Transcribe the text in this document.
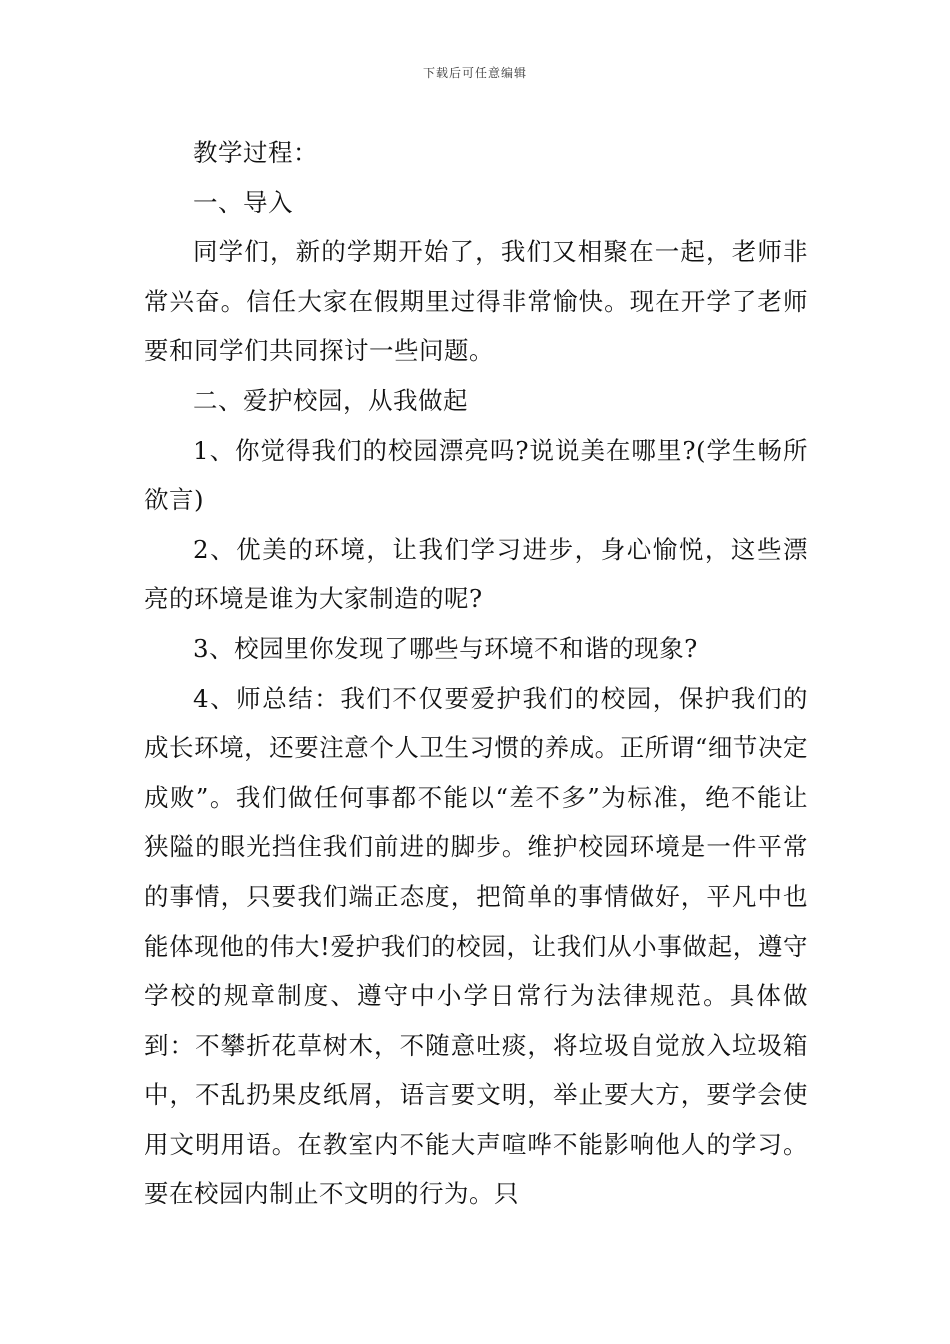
下载后可任意编辑

教学过程：

一、导入

同学们，新的学期开始了，我们又相聚在一起，老师非常兴奋。信任大家在假期里过得非常愉快。现在开学了老师要和同学们共同探讨一些问题。

二、爱护校园，从我做起

1、你觉得我们的校园漂亮吗?说说美在哪里?(学生畅所欲言)

2、优美的环境，让我们学习进步，身心愉悦，这些漂亮的环境是谁为大家制造的呢?

3、校园里你发现了哪些与环境不和谐的现象?

4、师总结：我们不仅要爱护我们的校园，保护我们的成长环境，还要注意个人卫生习惯的养成。正所谓“细节决定成败”。我们做任何事都不能以“差不多”为标准，绝不能让狭隘的眼光挡住我们前进的脚步。维护校园环境是一件平常的事情，只要我们端正态度，把简单的事情做好，平凡中也能体现他的伟大!爱护我们的校园，让我们从小事做起，遵守学校的规章制度、遵守中小学日常行为法律规范。具体做到：不攀折花草树木，不随意吐痰，将垃圾自觉放入垃圾箱中，不乱扔果皮纸屑，语言要文明，举止要大方，要学会使用文明用语。在教室内不能大声喧哗不能影响他人的学习。要在校园内制止不文明的行为。只
